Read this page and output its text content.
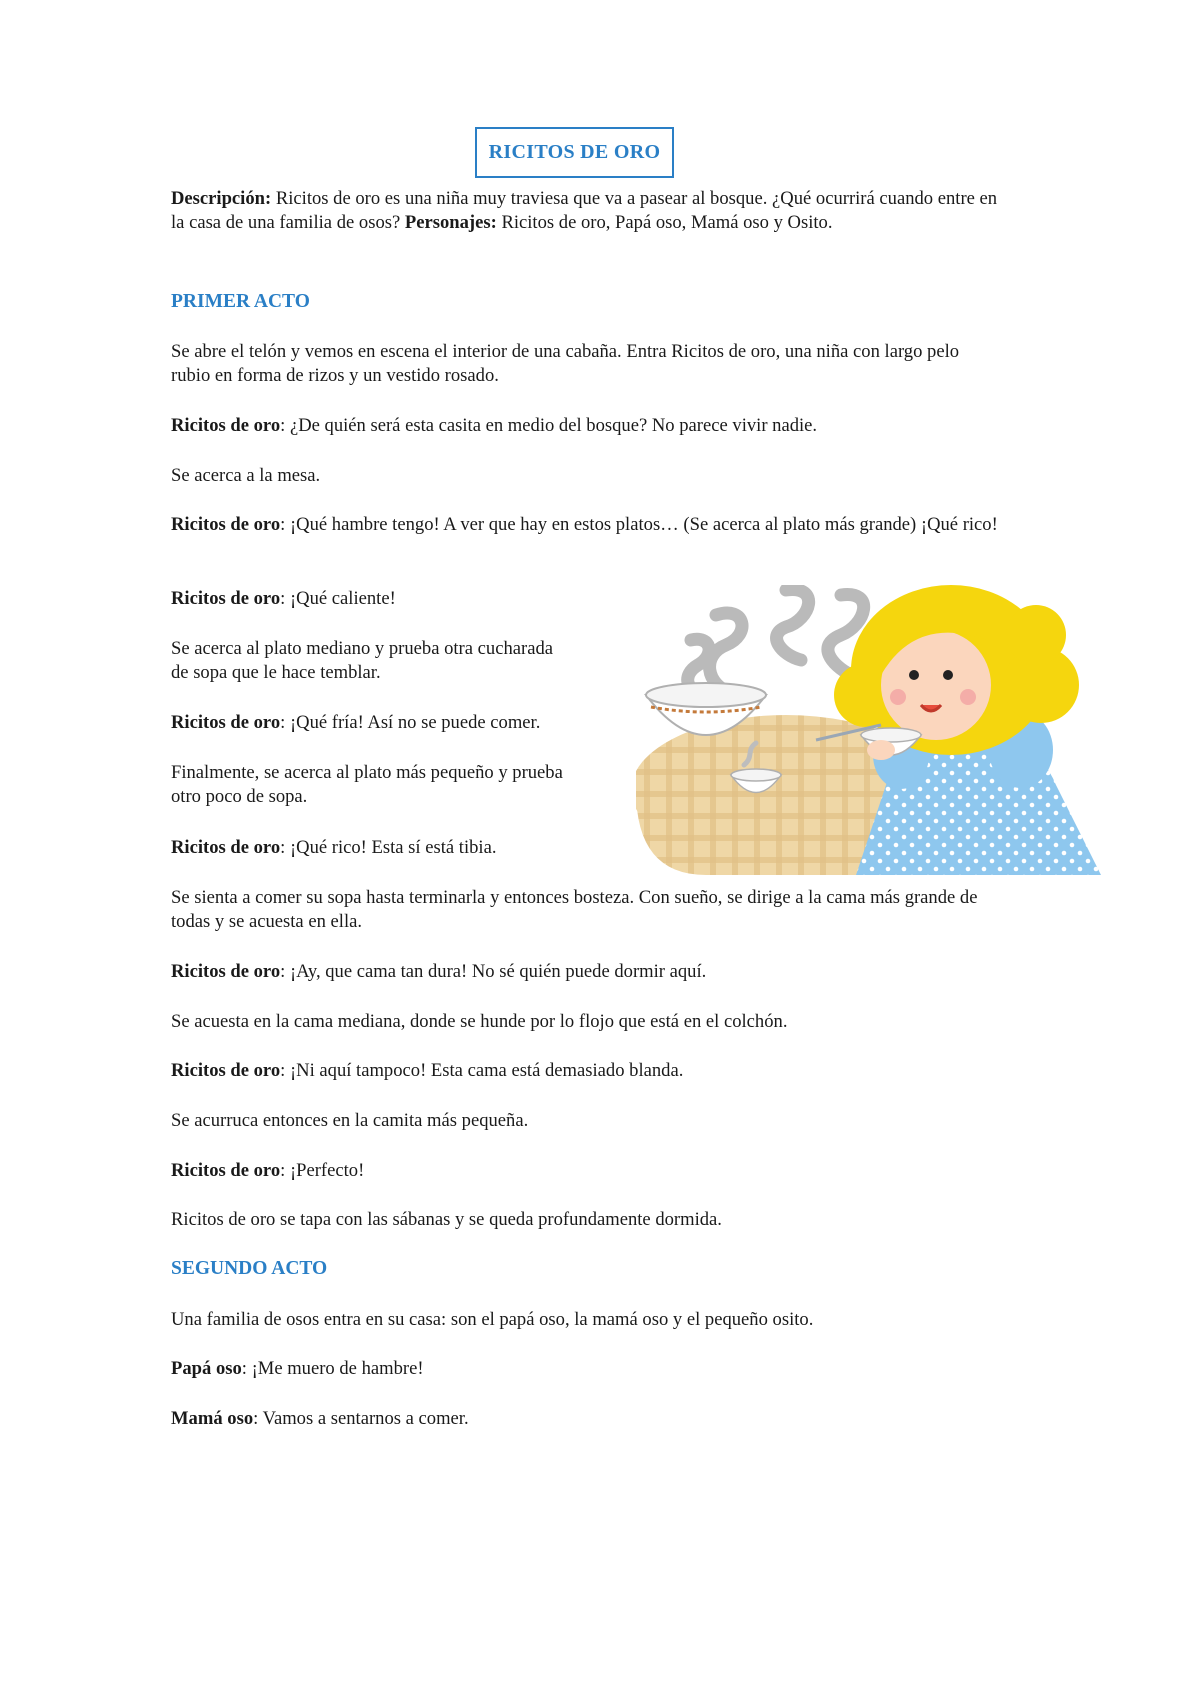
RICITOS DE ORO

Descripción: Ricitos de oro es una niña muy traviesa que va a pasear al bosque. ¿Qué ocurrirá cuando entre en la casa de una familia de osos? Personajes: Ricitos de oro, Papá oso, Mamá oso y Osito.

PRIMER ACTO

Se abre el telón y vemos en escena el interior de una cabaña. Entra Ricitos de oro, una niña con largo pelo rubio en forma de rizos y un vestido rosado.

Ricitos de oro: ¿De quién será esta casita en medio del bosque? No parece vivir nadie.

Se acerca a la mesa.

Ricitos de oro: ¡Qué hambre tengo! A ver que hay en estos platos… (Se acerca al plato más grande) ¡Qué rico!

Ricitos de oro: ¡Qué caliente!

Se acerca al plato mediano y prueba otra cucharada de sopa que le hace temblar.

Ricitos de oro: ¡Qué fría! Así no se puede comer.

Finalmente, se acerca al plato más pequeño y prueba otro poco de sopa.

Ricitos de oro: ¡Qué rico! Esta sí está tibia.

Se sienta a comer su sopa hasta terminarla y entonces bosteza. Con sueño, se dirige a la cama más grande de todas y se acuesta en ella.

Ricitos de oro: ¡Ay, que cama tan dura! No sé quién puede dormir aquí.

Se acuesta en la cama mediana, donde se hunde por lo flojo que está en el colchón.

Ricitos de oro: ¡Ni aquí tampoco! Esta cama está demasiado blanda.

Se acurruca entonces en la camita más pequeña.

Ricitos de oro: ¡Perfecto!

Ricitos de oro se tapa con las sábanas y se queda profundamente dormida.

SEGUNDO ACTO

Una familia de osos entra en su casa: son el papá oso, la mamá oso y el pequeño osito.

Papá oso: ¡Me muero de hambre!

Mamá oso: Vamos a sentarnos a comer.
